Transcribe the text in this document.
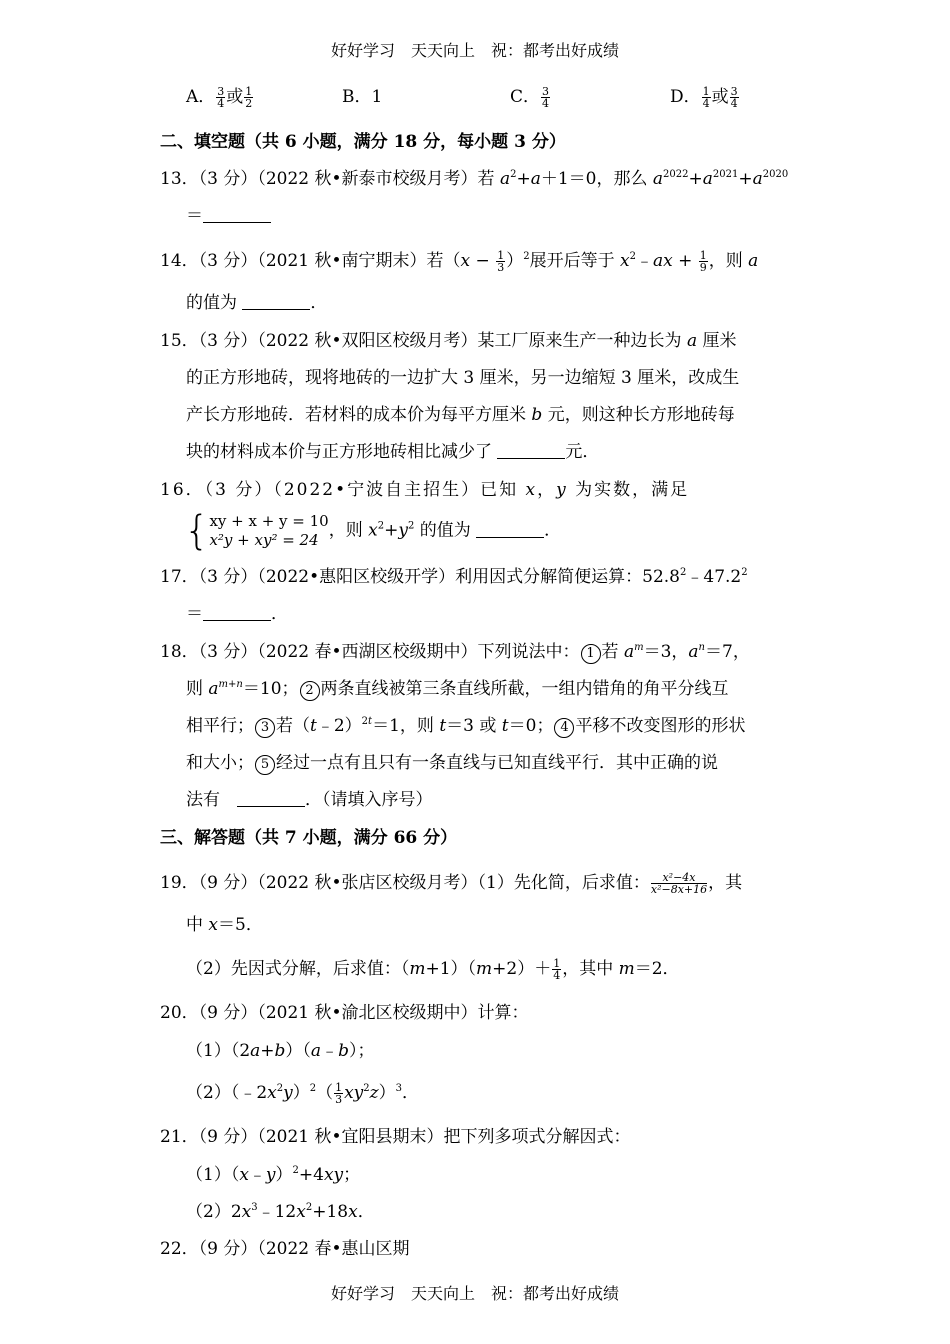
好好学习　天天向上　祝：都考出好成绩
A． $\frac{3}{4}$ 或 $\frac{1}{2}$	B．1	C． $\frac{3}{4}$	D． $\frac{1}{4}$ 或 $\frac{3}{4}$
二、填空题（共 6 小题，满分 18 分，每小题 3 分）
13．（3 分）（2022 秋•新泰市校级月考）若 $a^2+a+1=0$，那么 $a^{2022}+a^{2021}+a^{2020}$
＝
14．（3 分）（2021 秋•南宁期末）若$(x - \frac{1}{3} )^2$展开后等于 $x^2﹣ax + \frac{1}{9}$ ，则 a
的值为	．
15．（3 分）（2022 秋•双阳区校级月考）某工厂原来生产一种边长为 a 厘米
的正方形地砖，现将地砖的一边扩大 3 厘米，另一边缩短 3 厘米，改成生
产长方形地砖．若材料的成本价为每平方厘米 b 元，则这种长方形地砖每
块的材料成本价与正方形地砖相比减少了	元．
16．（3 分）（2022•宁波自主招生）已知 x，y 为实数，满足
{ xy + x + y = 10
x²y + xy² = 24 ，则 $x^2+y^2$ 的值为	．
17．（3 分）（2022•惠阳区校级开学）利用因式分解简便运算：$52.8^2﹣47.2^2$
＝	．
18．（3 分）（2022 春•西湖区校级期中）下列说法中： 1 若 $a^m=3$，$a^n=7$，
则 $a^{m+n}=10$； 2 两条直线被第三条直线所截，一组内错角的角平分线互
相平行； 3 若（t﹣2）$^{2t}$＝1，则 t＝3 或 t＝0； 4 平移不改变图形的形状
和大小； 5 经过一点有且只有一条直线与已知直线平行．其中正确的说
法有　	．（请填入序号）
三、解答题（共 7 小题，满分 66 分）
19．（9 分）（2022 秋•张店区校级月考）（1）先化简，后求值： $\frac{\text{x²−4x}}{\text{x²−8x+16}}$ ，其
中 x＝5．
（2）先因式分解，后求值：$(m+1)(m+2)+ \frac{1}{4}$ ，其中 m＝2．
20．（9 分）（2021 秋•渝北区校级期中）计算：
（1）（2a+b）（a﹣b）；
$(2)(﹣2x^2y)^2( \frac{1}{3} xy^2z)^3$．
21．（9 分）（2021 秋•宜阳县期末）把下列多项式分解因式：
（1）（x﹣y）$^2$+4xy；
$(2)2x^3﹣12x^2+18x$．
22．（9 分）（2022 春•惠山区期
好好学习　天天向上　祝：都考出好成绩
